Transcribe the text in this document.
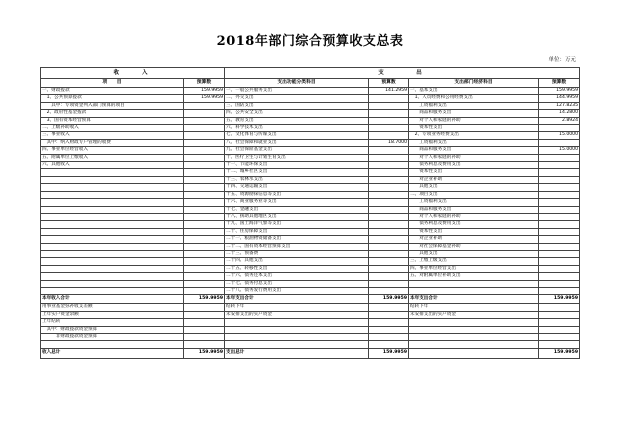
2018年部门综合预算收支总表
单位：万元
收　　入		支　　　出			
项　　目	预算数	支出功能分类科目	预算数	支出部门经济科目	预算数
一、财政拨款	159.9959	一、一般公共服务支出	141.2959	一、基本支出	159.9959
　1、公共预算拨款	159.9959	二、外交支出		　1、人员经费和公用经费支出	144.9959
　　其中：专项资金列入部门预算的项目		三、国防支出		　　工资福利支出	127.8235
　2、政府性基金拨款		四、公共安全支出		　　商品和服务支出	14.2800
　3、国有资本经营预算		五、教育支出		　　对个人和家庭的补助	2.8924
二、上级补助收入		六、科学技术支出		　　资本性支出	
三、事业收入		七、文化体育与传媒支出		　2、专项业务经费支出	15.0000
　其中：纳入财政专户管理的收费		八、社会保障和就业支出	18.7000	　　工资福利支出	
四、事业单位经营收入		九、社会保险基金支出		　　商品和服务支出	15.0000
五、附属单位上缴收入		十、医疗卫生与计划生育支出		　　对个人和家庭的补助	
六、其他收入		十一、节能环保支出		　　债务利息及费用支出	
		十二、城乡社区支出		　　资本性支出	
		十三、农林水支出		　　对企业补助	
		十四、交通运输支出		　　其他支出	
		十五、资源勘探信息等支出		二、项目支出	
		十六、商业服务业等支出		　　工资福利支出	
		十七、金融支出		　　商品和服务支出	
		十八、援助其他地区支出		　　对个人和家庭的补助	
		十九、国土海洋气象等支出		　　债务利息及费用支出	
		二十、住房保障支出		　　资本性支出	
		二十一、粮油物资储备支出		　　对企业补助	
		二十二、国有资本经营预算支出		　　对社会保障基金补助	
		二十三、预备费		　　其他支出	
		二十四、其他支出		三、上缴上级支出	
		二十五、转移性支出		四、事业单位经营支出	
		二十六、债务还本支出		五、对附属单位补助支出	
		二十七、债务付息支出			
		二十八、债务发行费用支出			
本年收入合计	159.9959	本年支出合计	159.9959	本年支出合计	159.9959
用事业基金弥补收支差额		结转下年		结转下年	
上年实户资金余额		未安排支出的实户资金		未安排支出的实户资金	
上年结转					
　其中：财政拨款资金预算					
　　　非财政拨款资金预算					

收入总计	159.9959	支出总计	159.9959		159.9959
